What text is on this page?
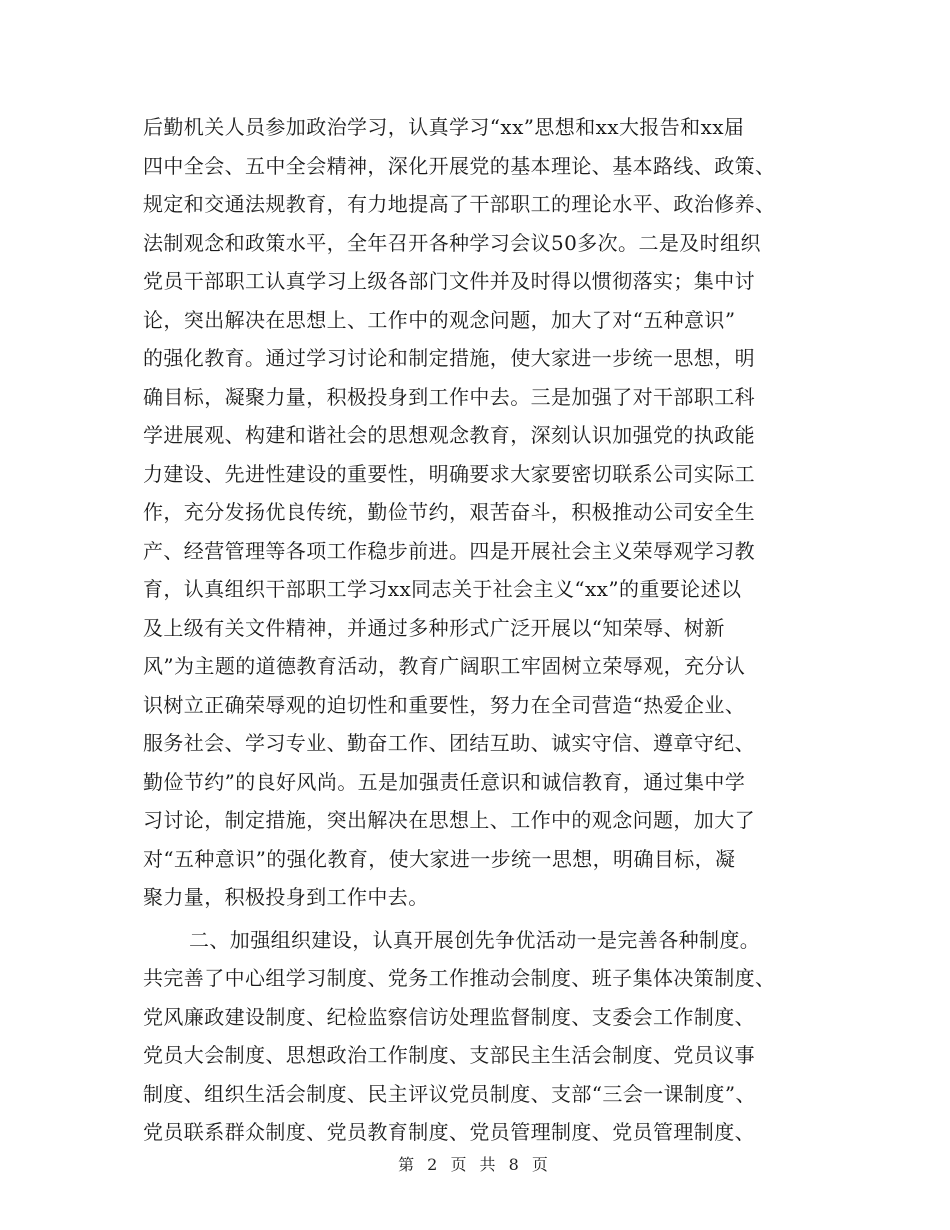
后勤机关人员参加政治学习，认真学习“xx”思想和xx大报告和xx届
四中全会、五中全会精神，深化开展党的基本理论、基本路线、政策、
规定和交通法规教育，有力地提高了干部职工的理论水平、政治修养、
法制观念和政策水平，全年召开各种学习会议50多次。二是及时组织
党员干部职工认真学习上级各部门文件并及时得以惯彻落实；集中讨
论，突出解决在思想上、工作中的观念问题，加大了对“五种意识”
的强化教育。通过学习讨论和制定措施，使大家进一步统一思想，明
确目标，凝聚力量，积极投身到工作中去。三是加强了对干部职工科
学进展观、构建和谐社会的思想观念教育，深刻认识加强党的执政能
力建设、先进性建设的重要性，明确要求大家要密切联系公司实际工
作，充分发扬优良传统，勤俭节约，艰苦奋斗，积极推动公司安全生
产、经营管理等各项工作稳步前进。四是开展社会主义荣辱观学习教
育，认真组织干部职工学习xx同志关于社会主义“xx”的重要论述以
及上级有关文件精神，并通过多种形式广泛开展以“知荣辱、树新
风”为主题的道德教育活动，教育广阔职工牢固树立荣辱观，充分认
识树立正确荣辱观的迫切性和重要性，努力在全司营造“热爱企业、
服务社会、学习专业、勤奋工作、团结互助、诚实守信、遵章守纪、
勤俭节约”的良好风尚。五是加强责任意识和诚信教育，通过集中学
习讨论，制定措施，突出解决在思想上、工作中的观念问题，加大了
对“五种意识”的强化教育，使大家进一步统一思想，明确目标，凝
聚力量，积极投身到工作中去。
二、加强组织建设，认真开展创先争优活动一是完善各种制度。
共完善了中心组学习制度、党务工作推动会制度、班子集体决策制度、
党风廉政建设制度、纪检监察信访处理监督制度、支委会工作制度、
党员大会制度、思想政治工作制度、支部民主生活会制度、党员议事
制度、组织生活会制度、民主评议党员制度、支部“三会一课制度”、
党员联系群众制度、党员教育制度、党员管理制度、党员管理制度、
第 2 页 共 8 页
